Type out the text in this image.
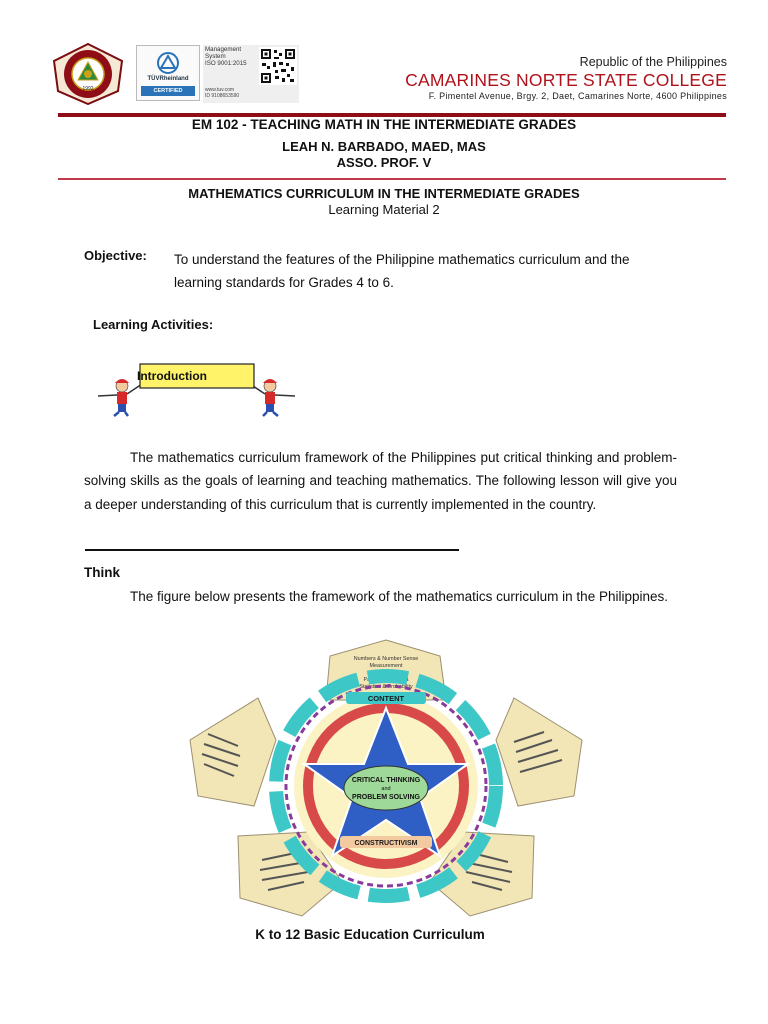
1992
TÜVRheinland
CERTIFIED
Management
System
ISO 9001:2015
www.tuv.com
ID 9108653590
Republic of the Philippines
CAMARINES NORTE STATE COLLEGE
F. Pimentel Avenue, Brgy. 2, Daet, Camarines Norte, 4600 Philippines
EM 102 - TEACHING MATH IN THE INTERMEDIATE GRADES
LEAH N. BARBADO, MAED, MAS
ASSO. PROF. V
MATHEMATICS CURRICULUM IN THE INTERMEDIATE GRADES
Learning Material 2
Objective: To understand the features of the Philippine mathematics curriculum and the learning standards for Grades 4 to 6.
Learning Activities:
Introduction
The mathematics curriculum framework of the Philippines put critical thinking and problem-solving skills as the goals of learning and teaching mathematics. The following lesson will give you a deeper understanding of this curriculum that is currently implemented in the country.
Think
The figure below presents the framework of the mathematics curriculum in the Philippines.
Numbers & Number Sense
Measurement
Geometry
Patterns & Algebra
Statistics & Probability
CRITICAL THINKING
and
PROBLEM SOLVING
CONTENT
CONSTRUCTIVISM
K to 12 Basic Education Curriculum
